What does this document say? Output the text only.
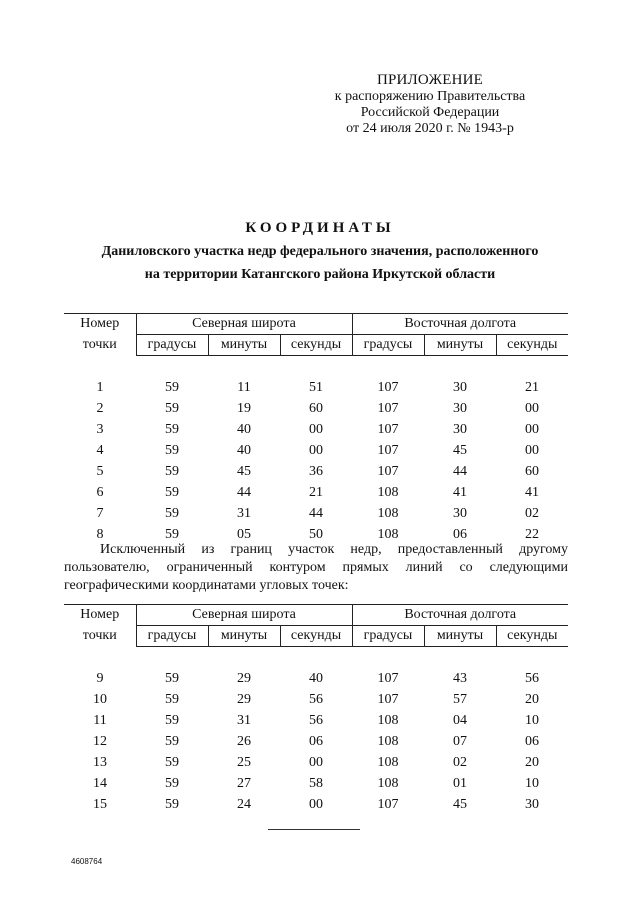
ПРИЛОЖЕНИЕ
к распоряжению Правительства
Российской Федерации
от 24 июля 2020 г. № 1943-р
КООРДИНАТЫ
Даниловского участка недр федерального значения, расположенного
на территории Катангского района Иркутской области
Номер	Северная широта			Восточная долгота		
точки	градусы	минуты	секунды	градусы	минуты	секунды

1	59	11	51	107	30	21
2	59	19	60	107	30	00
3	59	40	00	107	30	00
4	59	40	00	107	45	00
5	59	45	36	107	44	60
6	59	44	21	108	41	41
7	59	31	44	108	30	02
8	59	05	50	108	06	22
Исключенный из границ участок недр, предоставленный другому пользователю, ограниченный контуром прямых линий со следующими географическими координатами угловых точек:
Номер	Северная широта			Восточная долгота		
точки	градусы	минуты	секунды	градусы	минуты	секунды

9	59	29	40	107	43	56
10	59	29	56	107	57	20
11	59	31	56	108	04	10
12	59	26	06	108	07	06
13	59	25	00	108	02	20
14	59	27	58	108	01	10
15	59	24	00	107	45	30
4608764
